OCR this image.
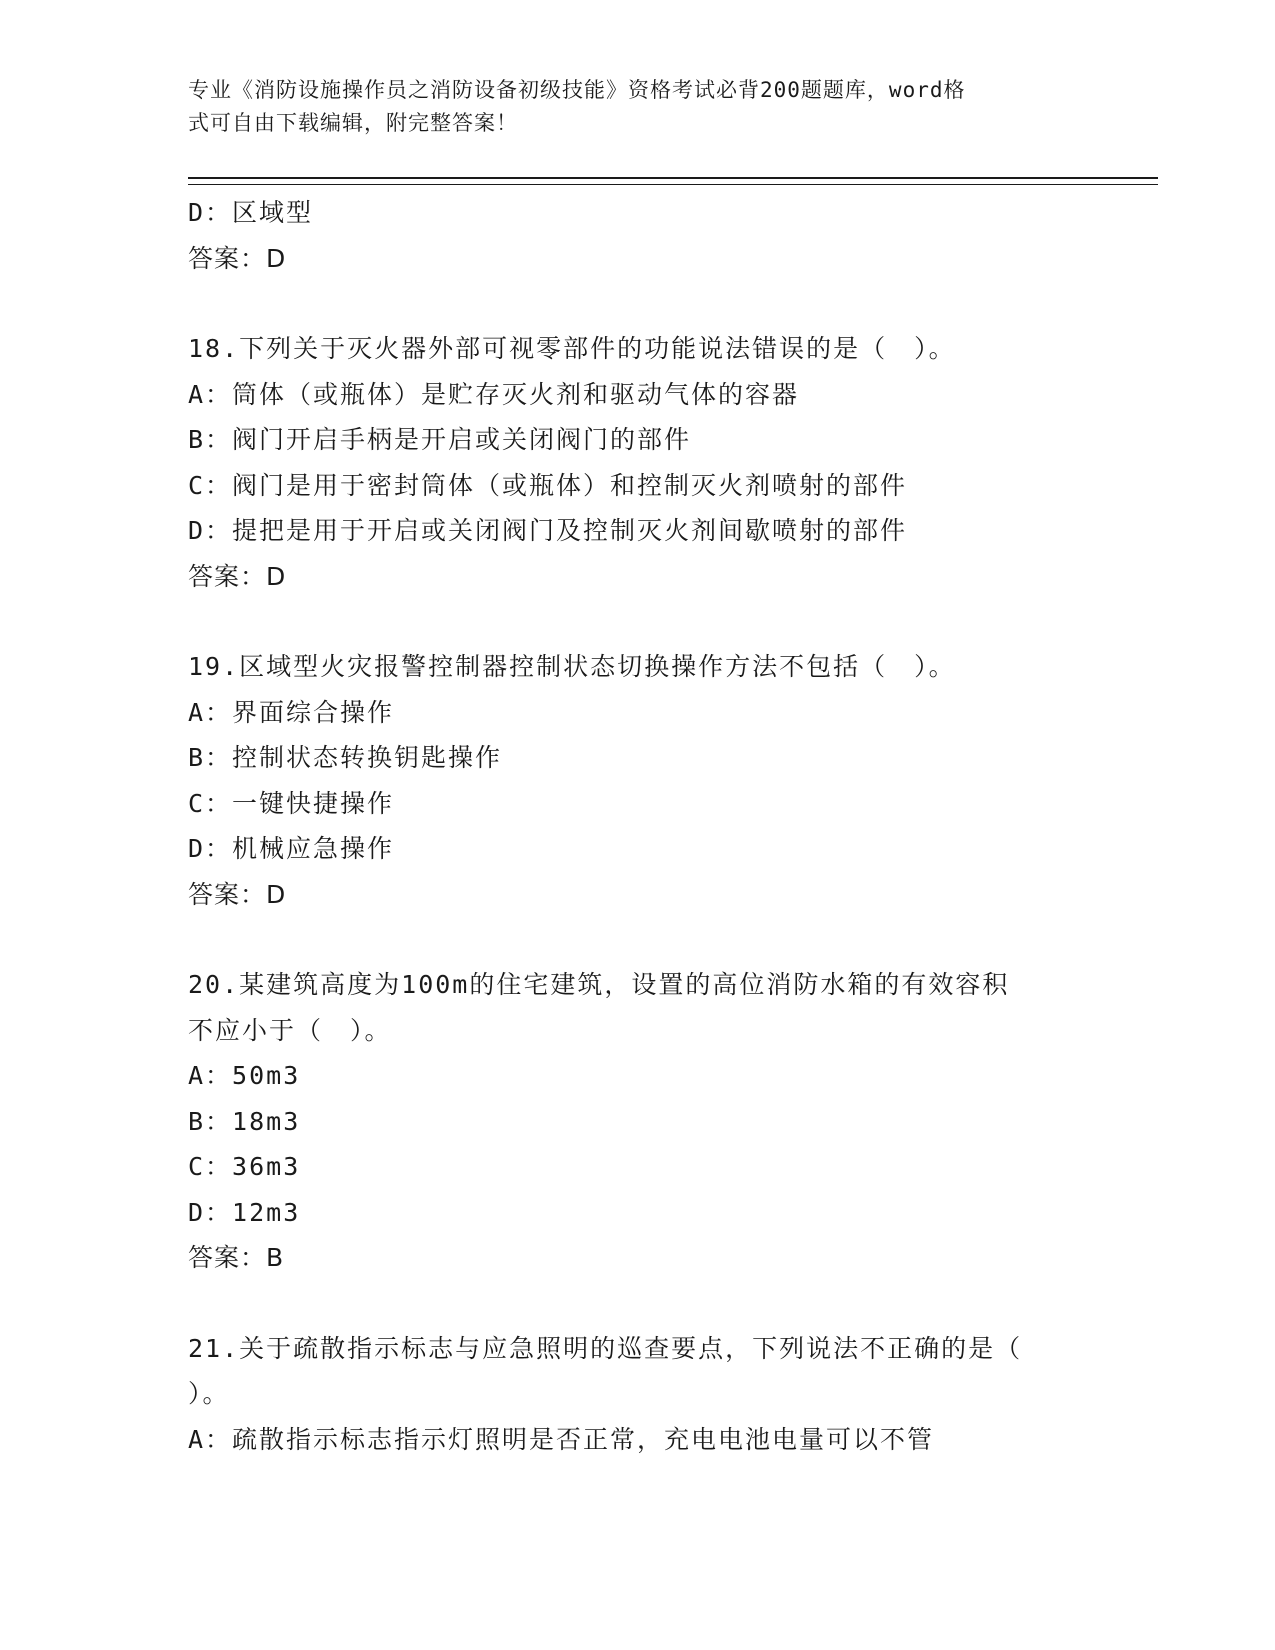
专业《消防设施操作员之消防设备初级技能》资格考试必背200题题库，word格
式可自由下载编辑，附完整答案！
D：区域型
答案：D
18.下列关于灭火器外部可视零部件的功能说法错误的是（　）。
A：筒体（或瓶体）是贮存灭火剂和驱动气体的容器
B：阀门开启手柄是开启或关闭阀门的部件
C：阀门是用于密封筒体（或瓶体）和控制灭火剂喷射的部件
D：提把是用于开启或关闭阀门及控制灭火剂间歇喷射的部件
答案：D
19.区域型火灾报警控制器控制状态切换操作方法不包括（　）。
A：界面综合操作
B：控制状态转换钥匙操作
C：一键快捷操作
D：机械应急操作
答案：D
20.某建筑高度为100m的住宅建筑，设置的高位消防水箱的有效容积
不应小于（　）。
A：50m3
B：18m3
C：36m3
D：12m3
答案：B
21.关于疏散指示标志与应急照明的巡查要点，下列说法不正确的是（
）。
A：疏散指示标志指示灯照明是否正常，充电电池电量可以不管
